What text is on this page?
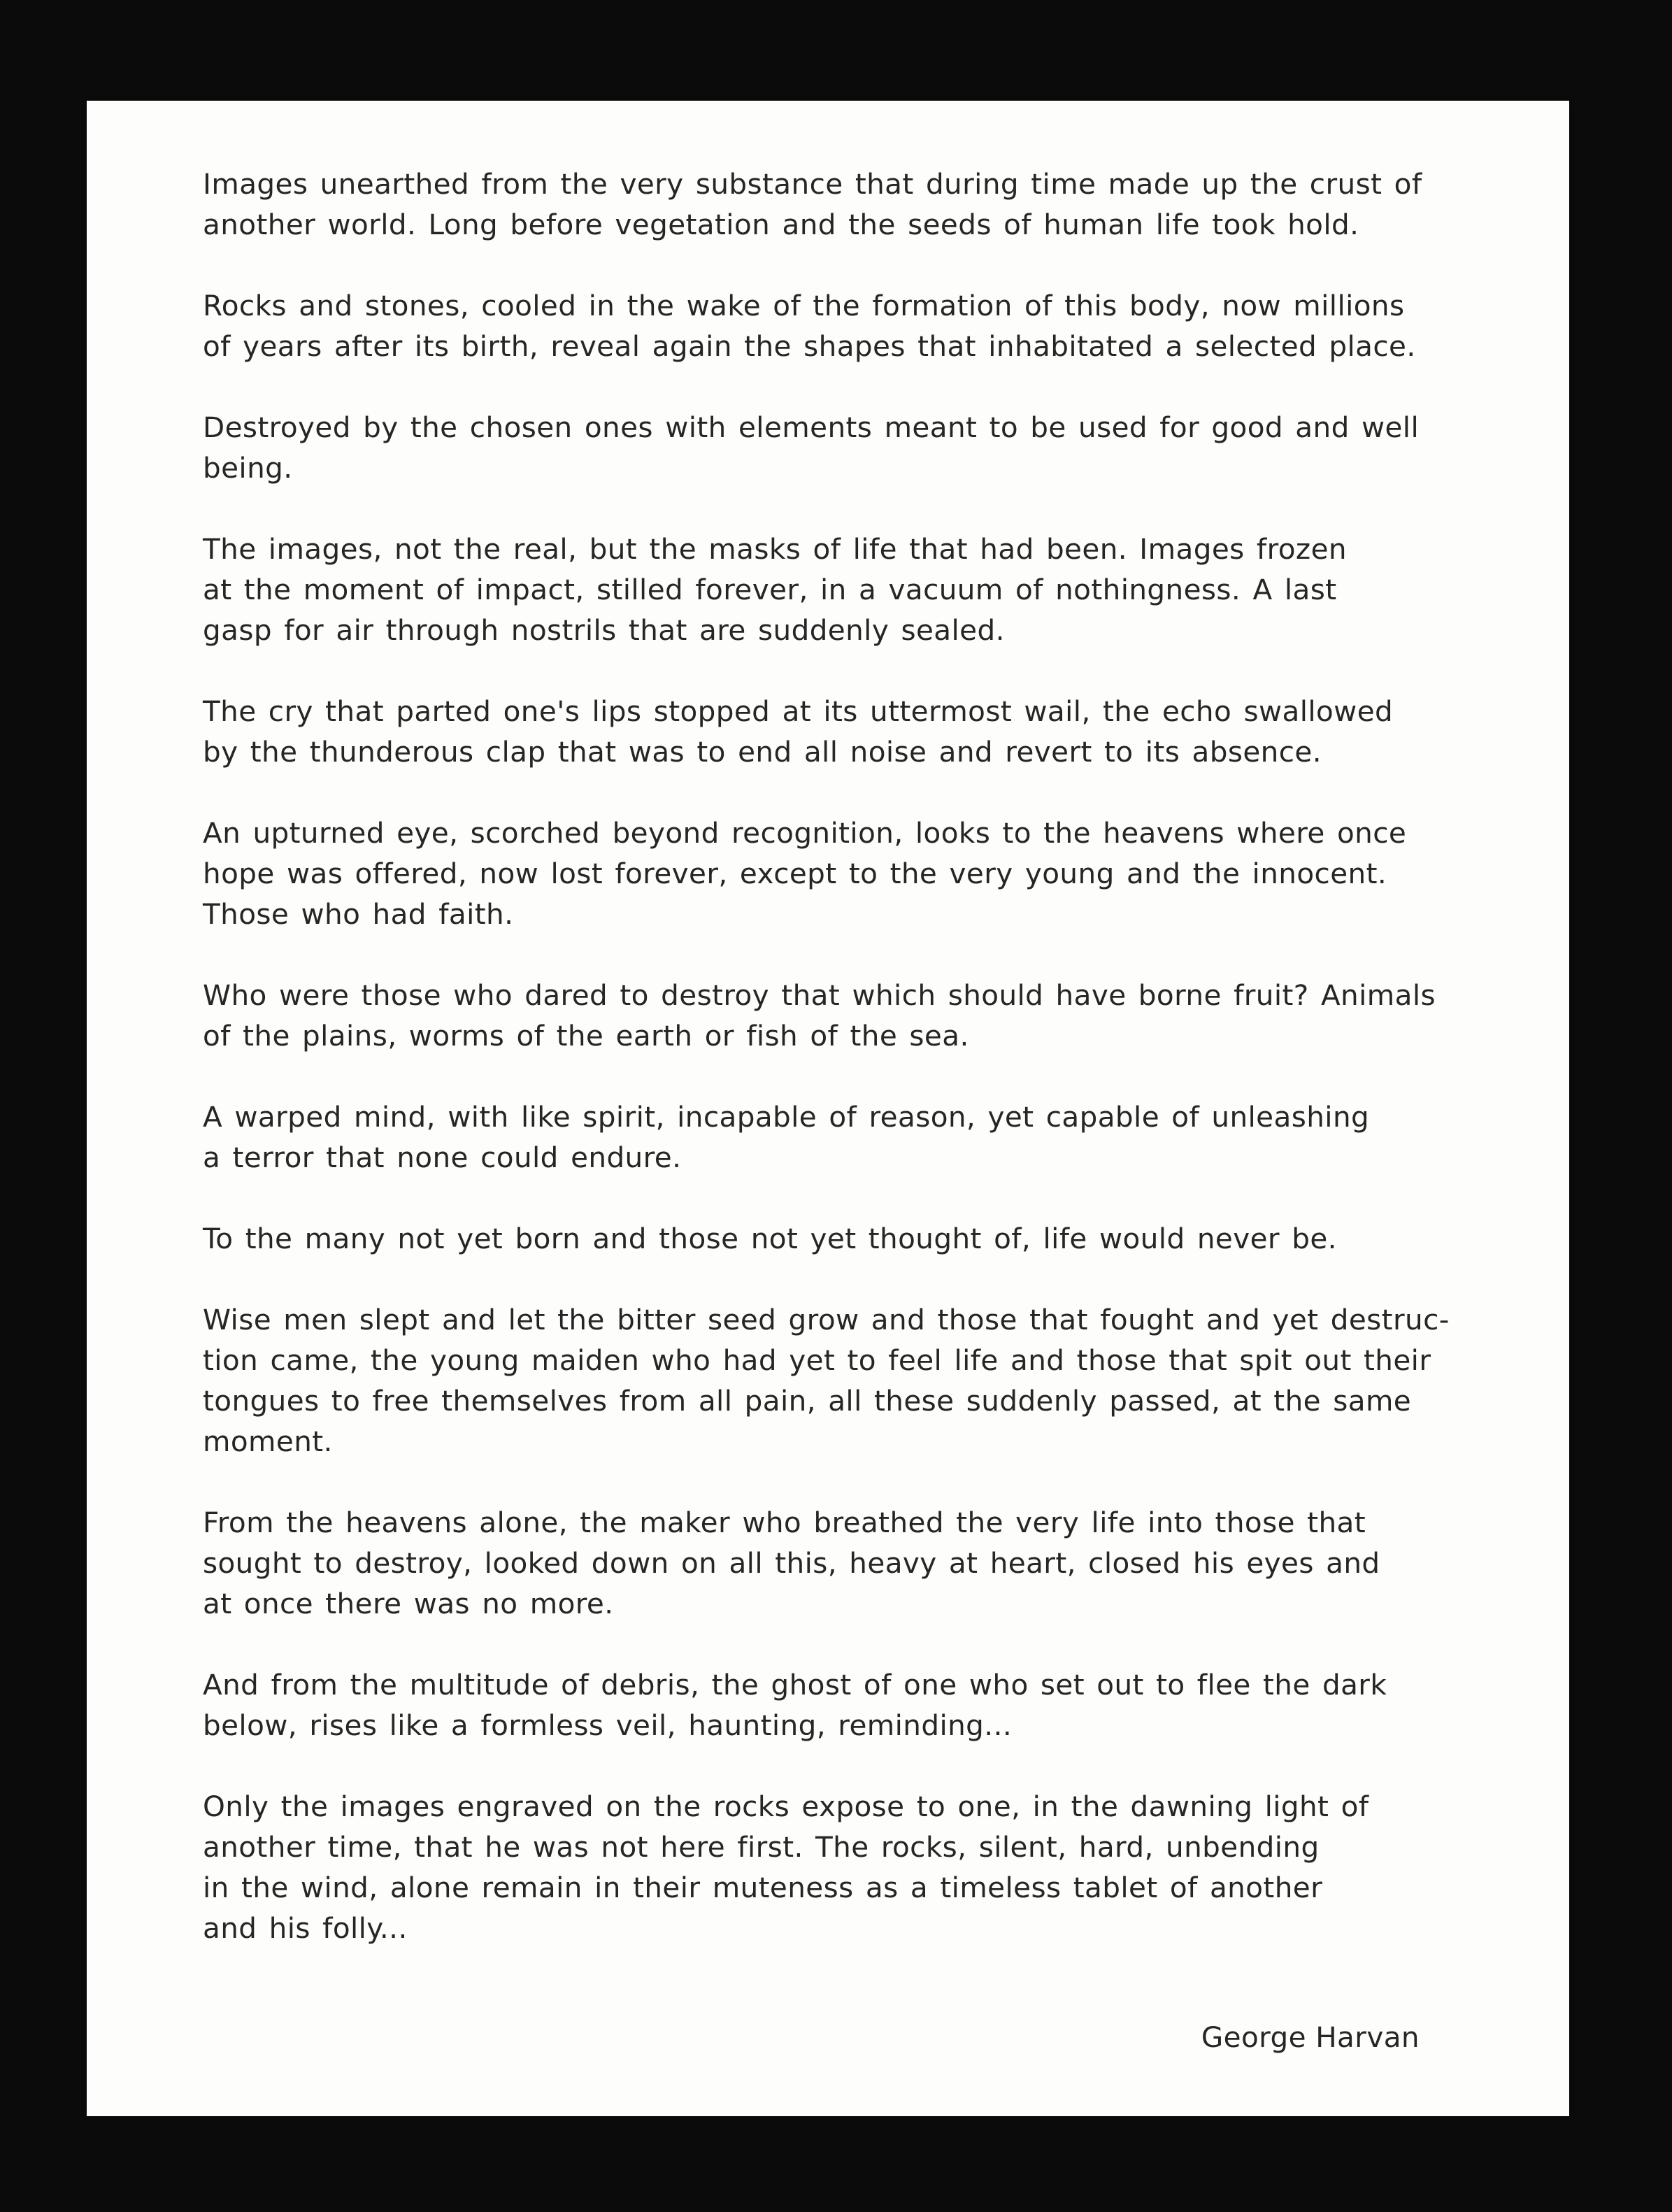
Images unearthed from the very substance that during time made up the crust of
another world. Long before vegetation and the seeds of human life took hold.

Rocks and stones, cooled in the wake of the formation of this body, now millions
of years after its birth, reveal again the shapes that inhabitated a selected place.

Destroyed by the chosen ones with elements meant to be used for good and well
being.

The images, not the real, but the masks of life that had been. Images frozen
at the moment of impact, stilled forever, in a vacuum of nothingness. A last
gasp for air through nostrils that are suddenly sealed.

The cry that parted one's lips stopped at its uttermost wail, the echo swallowed
by the thunderous clap that was to end all noise and revert to its absence.

An upturned eye, scorched beyond recognition, looks to the heavens where once
hope was offered, now lost forever, except to the very young and the innocent.
Those who had faith.

Who were those who dared to destroy that which should have borne fruit? Animals
of the plains, worms of the earth or fish of the sea.

A warped mind, with like spirit, incapable of reason, yet capable of unleashing
a terror that none could endure.

To the many not yet born and those not yet thought of, life would never be.

Wise men slept and let the bitter seed grow and those that fought and yet destruc-
tion came, the young maiden who had yet to feel life and those that spit out their
tongues to free themselves from all pain, all these suddenly passed, at the same
moment.

From the heavens alone, the maker who breathed the very life into those that
sought to destroy, looked down on all this, heavy at heart, closed his eyes and
at once there was no more.

And from the multitude of debris, the ghost of one who set out to flee the dark
below, rises like a formless veil, haunting, reminding...

Only the images engraved on the rocks expose to one, in the dawning light of
another time, that he was not here first. The rocks, silent, hard, unbending
in the wind, alone remain in their muteness as a timeless tablet of another
and his folly...

George Harvan
